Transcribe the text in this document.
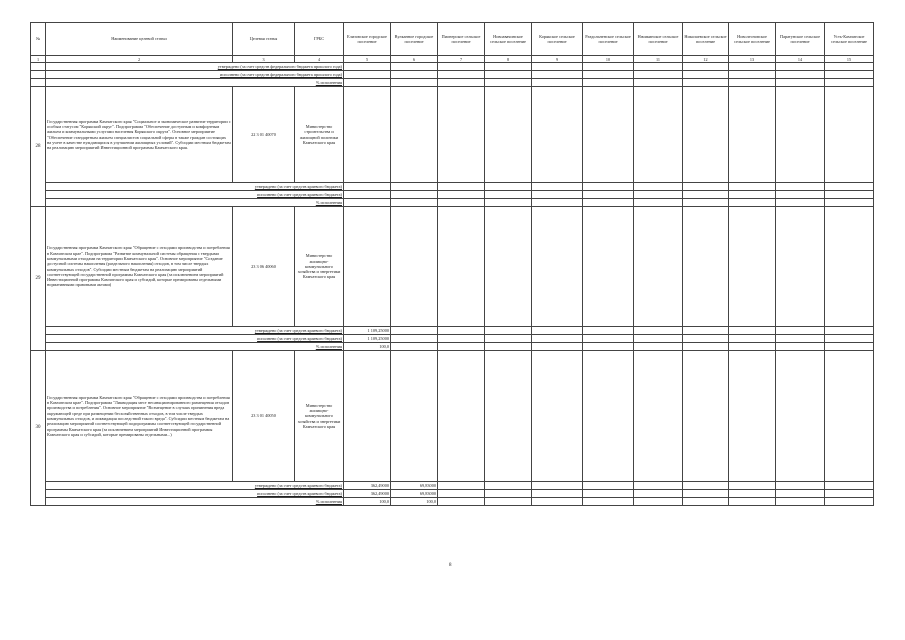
№	Наименование целевой статьи	Целевая статья	ГРБС	Елизовское городское поселение	Вулканное городское поселение	Пионерское сельское поселение	Новоавачинское сельское поселение	Корякское сельское поселение	Раздольненское сельское поселение	Начикинское сельское поселение	Николаевское сельское поселение	Новолесновское сельское поселение	Паратунское сельское поселение	Усть-Камчатское сельское поселение
1	2	3	4	5	6	7	8	9	10	11	12	13	14	15
	утверждено (за счет средств федерального бюджета прошлого года)													
	исполнено (за счет средств федерального бюджета прошлого года)													
	% исполнения													
28	Государственная программа Камчатского края "Социальное и экономическое развитие территории с особым статусом "Корякский округ". Подпрограмма "Обеспечение доступным и комфортным жильем и коммунальными услугами населения Корякского округа". Основное мероприятие "Обеспечение стандартным жильем специалистов социальной сферы в также граждан состоящих на учете в качестве нуждающихся в улучшении жилищных условий". Субсидии местным бюджетам на реализацию мероприятий Инвестиционной программы Камчатского края.	22 3 01 40070	Министерство строительства и жилищной политики Камчатского края											
	утверждено (за счет средств краевого бюджета)													
	исполнено (за счет средств краевого бюджета)													
	% исполнения													
29	Государственная программа Камчатского края "Обращение с отходами производства и потребления в Камчатском крае". Подпрограмма "Развитие коммунальной системы обращения с твердыми коммунальными отходами на территории Камчатского края". Основное мероприятие "Создание доступной системы накопления (раздельного накопления) отходов, в том числе твердых коммунальных отходов". Субсидии местным бюджетам на реализацию мероприятий соответствующей государственной программы Камчатского края (за исключением мероприятий Инвестиционной программы Камчатского края и субсидий, которые премированы отдельными нормативными правовыми актами)	23 3 06 40060	Министерство жилищно-коммунального хозяйства и энергетики Камчатского края											
	утверждено (за счет средств краевого бюджета)			1 109,25000										
	исполнено (за счет средств краевого бюджета)			1 109,25000										
	% исполнения			100,0										
30	Государственная программа Камчатского края "Обращение с отходами производства и потребления в Камчатском крае". Подпрограмма "Ликвидация мест несанкционированного размещения отходов производства и потребления". Основное мероприятие "Возмещение в случаях причинения вреда окружающей среде при размещении бесхозяйственных отходов, в том числе твердых коммунальных отходов, и ликвидация последствий такого вреда". Субсидии местным бюджетам на реализацию мероприятий соответствующей подпрограммы соответствующей государственной программы Камчатского края (за исключением мероприятий Инвестиционной программы Камчатского края и субсидий, которые премированы отдельными...)	23 3 01 40050	Министерство жилищно-коммунального хозяйства и энергетики Камчатского края											
	утверждено (за счет средств краевого бюджета)			362,49000	69,83000									
	исполнено (за счет средств краевого бюджета)			362,49000	69,83000									
	% исполнения			100,0	100,0									
8
